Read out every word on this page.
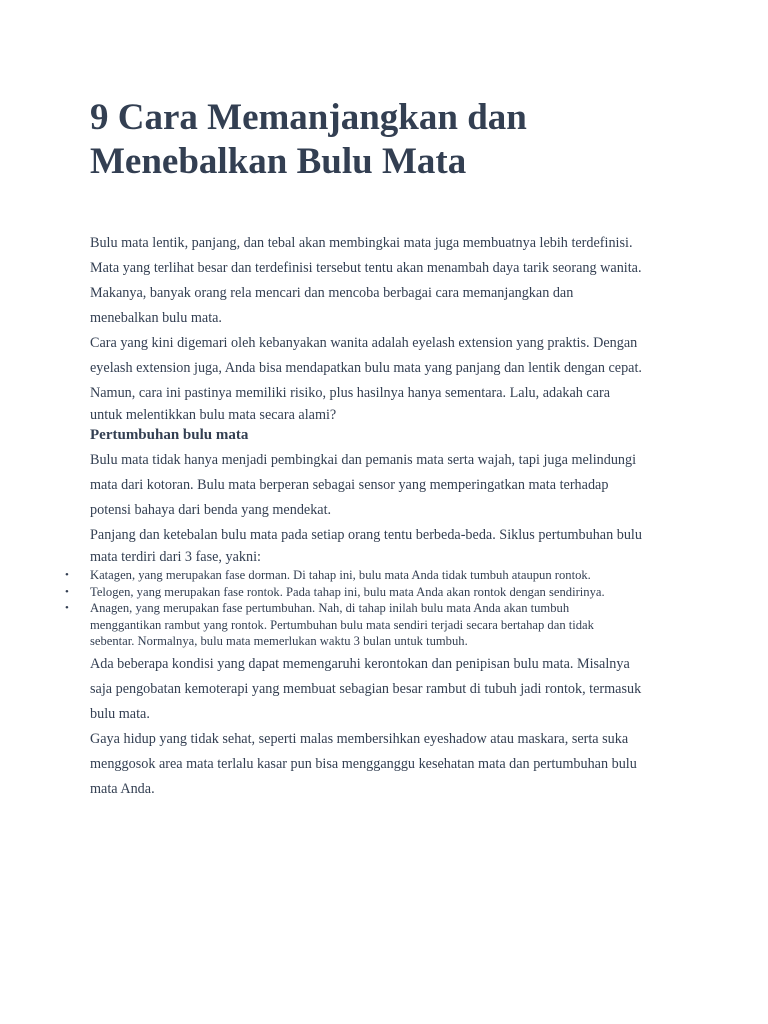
9 Cara Memanjangkan dan
Menebalkan Bulu Mata

Bulu mata lentik, panjang, dan tebal akan membingkai mata juga membuatnya lebih terdefinisi.
Mata yang terlihat besar dan terdefinisi tersebut tentu akan menambah daya tarik seorang wanita.
Makanya, banyak orang rela mencari dan mencoba berbagai cara memanjangkan dan
menebalkan bulu mata.

Cara yang kini digemari oleh kebanyakan wanita adalah eyelash extension yang praktis. Dengan
eyelash extension juga, Anda bisa mendapatkan bulu mata yang panjang dan lentik dengan cepat.
Namun, cara ini pastinya memiliki risiko, plus hasilnya hanya sementara. Lalu, adakah cara
untuk melentikkan bulu mata secara alami?

Pertumbuhan bulu mata

Bulu mata tidak hanya menjadi pembingkai dan pemanis mata serta wajah, tapi juga melindungi
mata dari kotoran. Bulu mata berperan sebagai sensor yang memperingatkan mata terhadap
potensi bahaya dari benda yang mendekat.

Panjang dan ketebalan bulu mata pada setiap orang tentu berbeda-beda. Siklus pertumbuhan bulu
mata terdiri dari 3 fase, yakni:

• Katagen, yang merupakan fase dorman. Di tahap ini, bulu mata Anda tidak tumbuh ataupun rontok.
• Telogen, yang merupakan fase rontok. Pada tahap ini, bulu mata Anda akan rontok dengan sendirinya.
• Anagen, yang merupakan fase pertumbuhan. Nah, di tahap inilah bulu mata Anda akan tumbuh
menggantikan rambut yang rontok. Pertumbuhan bulu mata sendiri terjadi secara bertahap dan tidak
sebentar. Normalnya, bulu mata memerlukan waktu 3 bulan untuk tumbuh.

Ada beberapa kondisi yang dapat memengaruhi kerontokan dan penipisan bulu mata. Misalnya
saja pengobatan kemoterapi yang membuat sebagian besar rambut di tubuh jadi rontok, termasuk
bulu mata.

Gaya hidup yang tidak sehat, seperti malas membersihkan eyeshadow atau maskara, serta suka
menggosok area mata terlalu kasar pun bisa mengganggu kesehatan mata dan pertumbuhan bulu
mata Anda.
